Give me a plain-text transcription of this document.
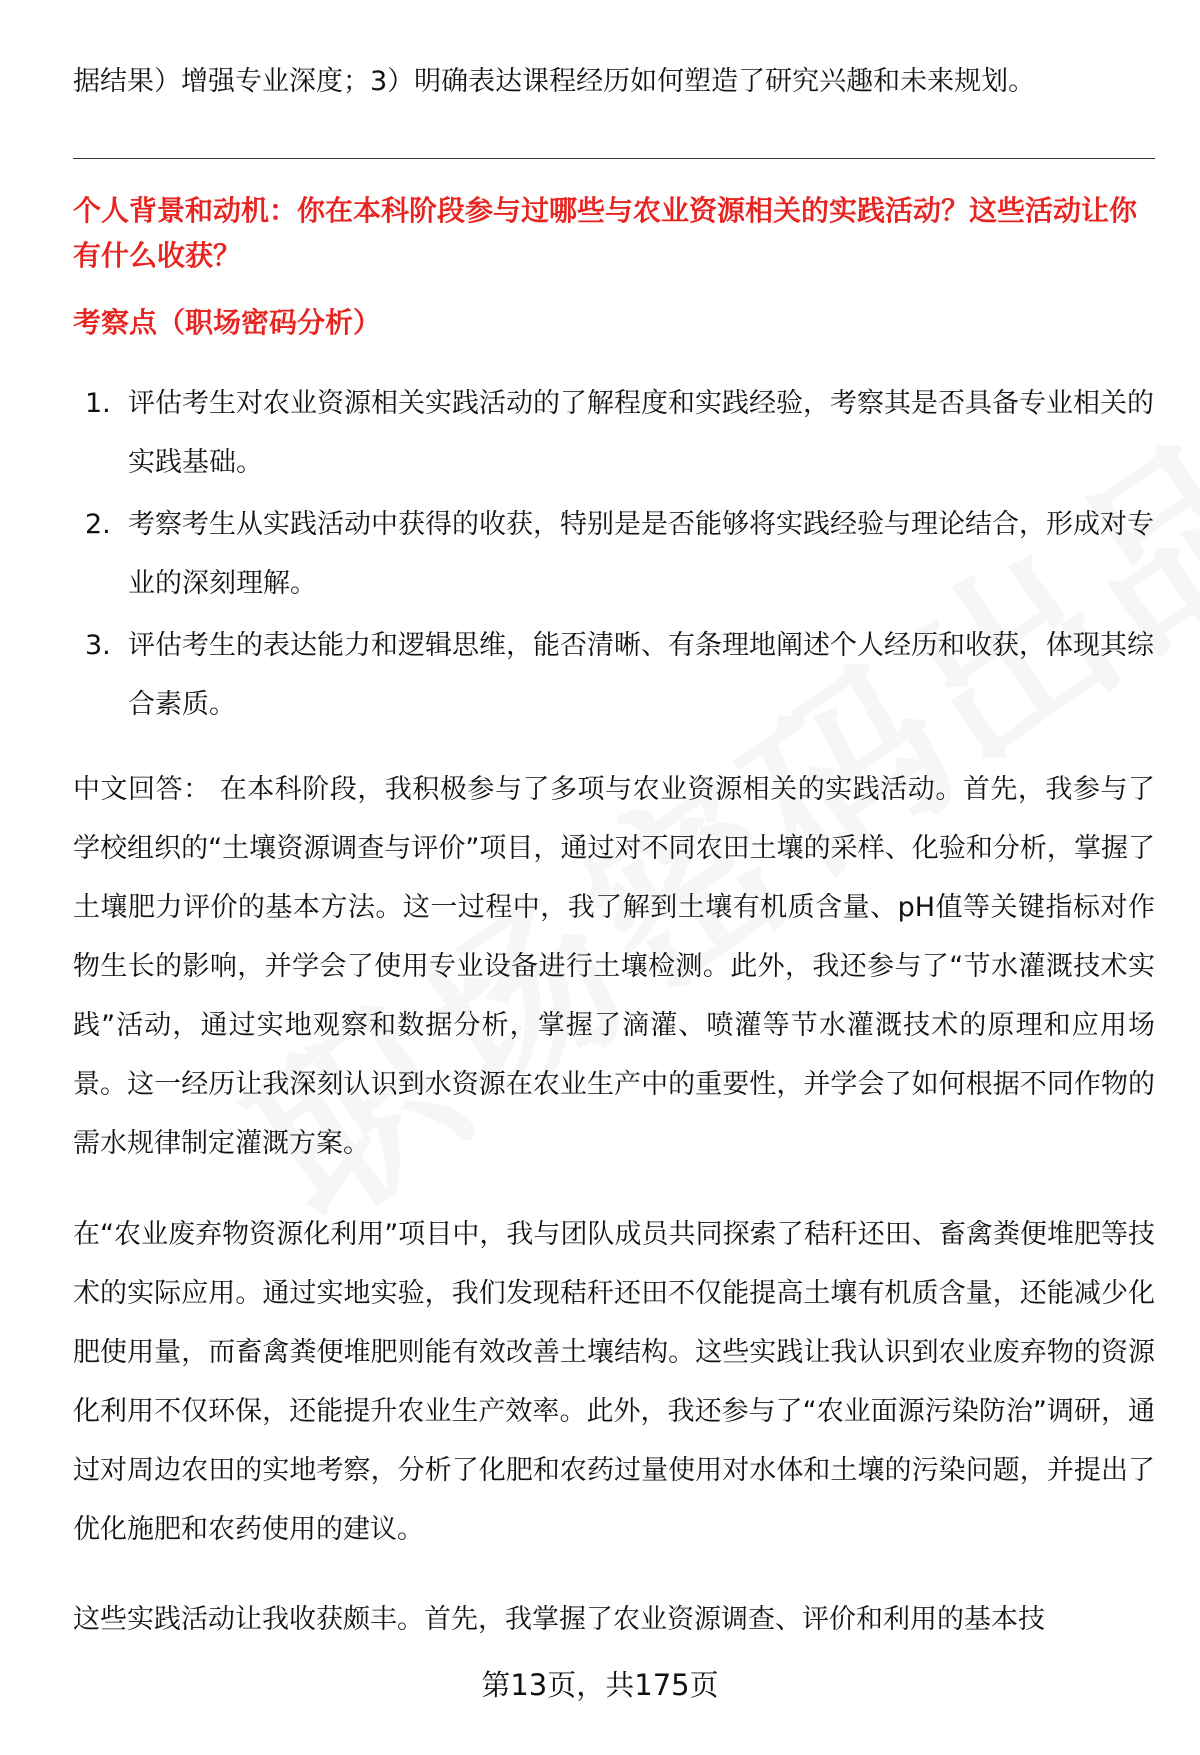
据结果）增强专业深度；3）明确表达课程经历如何塑造了研究兴趣和未来规划。

个人背景和动机：你在本科阶段参与过哪些与农业资源相关的实践活动？这些活动让你有什么收获？

考察点（职场密码分析）

1. 评估考生对农业资源相关实践活动的了解程度和实践经验，考察其是否具备专业相关的实践基础。
2. 考察考生从实践活动中获得的收获，特别是是否能够将实践经验与理论结合，形成对专业的深刻理解。
3. 评估考生的表达能力和逻辑思维，能否清晰、有条理地阐述个人经历和收获，体现其综合素质。

中文回答： 在本科阶段，我积极参与了多项与农业资源相关的实践活动。首先，我参与了学校组织的“土壤资源调查与评价”项目，通过对不同农田土壤的采样、化验和分析，掌握了土壤肥力评价的基本方法。这一过程中，我了解到土壤有机质含量、pH值等关键指标对作物生长的影响，并学会了使用专业设备进行土壤检测。此外，我还参与了“节水灌溉技术实践”活动，通过实地观察和数据分析，掌握了滴灌、喷灌等节水灌溉技术的原理和应用场景。这一经历让我深刻认识到水资源在农业生产中的重要性，并学会了如何根据不同作物的需水规律制定灌溉方案。

在“农业废弃物资源化利用”项目中，我与团队成员共同探索了秸秆还田、畜禽粪便堆肥等技术的实际应用。通过实地实验，我们发现秸秆还田不仅能提高土壤有机质含量，还能减少化肥使用量，而畜禽粪便堆肥则能有效改善土壤结构。这些实践让我认识到农业废弃物的资源化利用不仅环保，还能提升农业生产效率。此外，我还参与了“农业面源污染防治”调研，通过对周边农田的实地考察，分析了化肥和农药过量使用对水体和土壤的污染问题，并提出了优化施肥和农药使用的建议。

这些实践活动让我收获颇丰。首先，我掌握了农业资源调查、评价和利用的基本技

第13页，共175页
